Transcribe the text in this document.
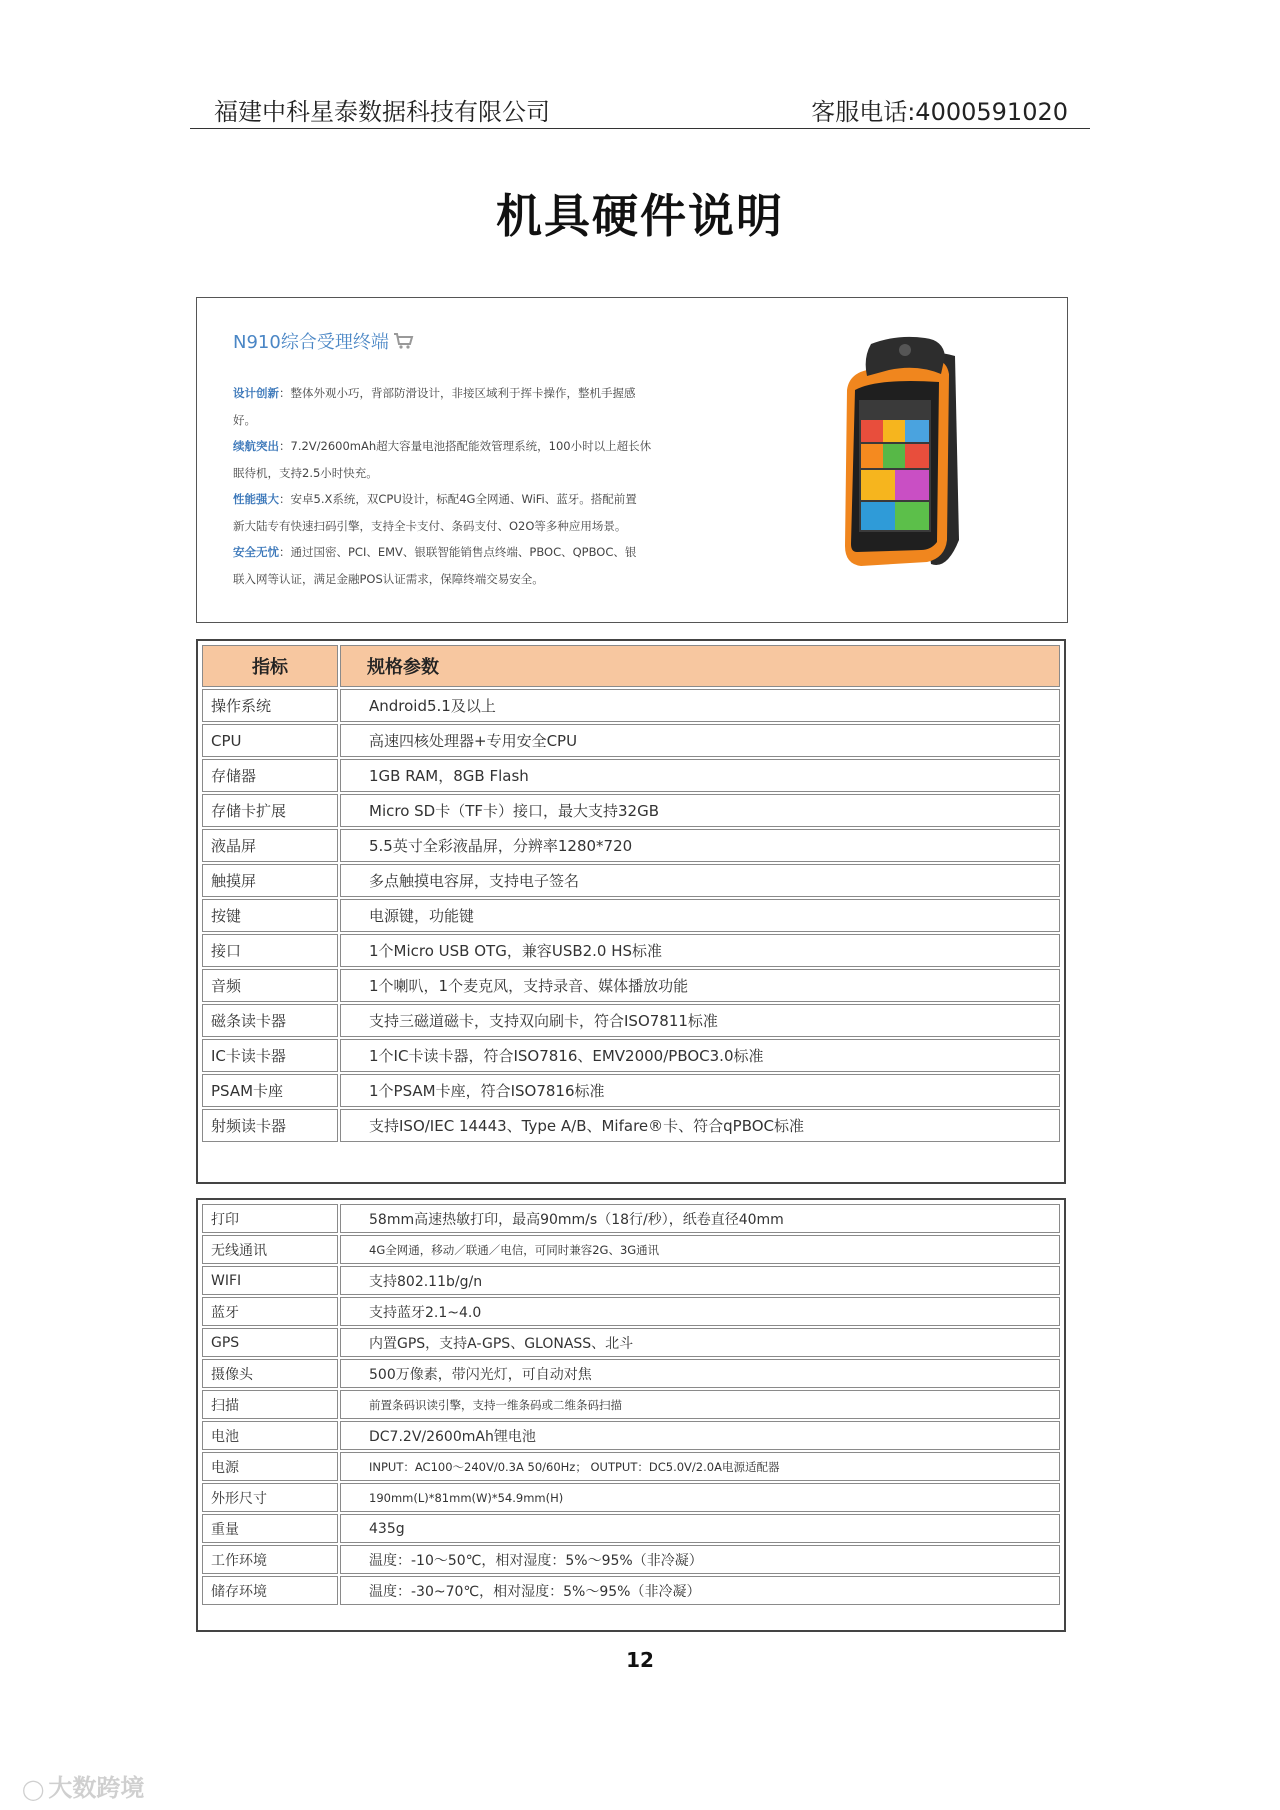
福建中科星泰数据科技有限公司	客服电话:4000591020
机具硬件说明
N910综合受理终端
设计创新：整体外观小巧，背部防滑设计，非接区域利于挥卡操作，整机手握感
好。
续航突出：7.2V/2600mAh超大容量电池搭配能效管理系统，100小时以上超长休
眠待机，支持2.5小时快充。
性能强大：安卓5.X系统，双CPU设计，标配4G全网通、WiFi、蓝牙。搭配前置
新大陆专有快速扫码引擎，支持全卡支付、条码支付、O2O等多种应用场景。
安全无忧：通过国密、PCI、EMV、银联智能销售点终端、PBOC、QPBOC、银
联入网等认证，满足金融POS认证需求，保障终端交易安全。
指标	规格参数
操作系统	Android5.1及以上
CPU	高速四核处理器+专用安全CPU
存储器	1GB RAM，8GB Flash
存储卡扩展	Micro SD卡（TF卡）接口，最大支持32GB
液晶屏	5.5英寸全彩液晶屏，分辨率1280*720
触摸屏	多点触摸电容屏，支持电子签名
按键	电源键，功能键
接口	1个Micro USB OTG，兼容USB2.0 HS标准
音频	1个喇叭，1个麦克风，支持录音、媒体播放功能
磁条读卡器	支持三磁道磁卡，支持双向刷卡，符合ISO7811标准
IC卡读卡器	1个IC卡读卡器，符合ISO7816、EMV2000/PBOC3.0标准
PSAM卡座	1个PSAM卡座，符合ISO7816标准
射频读卡器	支持ISO/IEC 14443、Type A/B、Mifare®卡、符合qPBOC标准
打印	58mm高速热敏打印，最高90mm/s（18行/秒），纸卷直径40mm
无线通讯	4G全网通，移动／联通／电信，可同时兼容2G、3G通讯
WIFI	支持802.11b/g/n
蓝牙	支持蓝牙2.1~4.0
GPS	内置GPS，支持A-GPS、GLONASS、北斗
摄像头	500万像素，带闪光灯，可自动对焦
扫描	前置条码识读引擎，支持一维条码或二维条码扫描
电池	DC7.2V/2600mAh锂电池
电源	INPUT：AC100～240V/0.3A 50/60Hz； OUTPUT：DC5.0V/2.0A电源适配器
外形尺寸	190mm(L)*81mm(W)*54.9mm(H)
重量	435g
工作环境	温度：-10～50℃，相对湿度：5%～95%（非冷凝）
储存环境	温度：-30~70℃，相对湿度：5%～95%（非冷凝）
12
◯ 大数跨境
